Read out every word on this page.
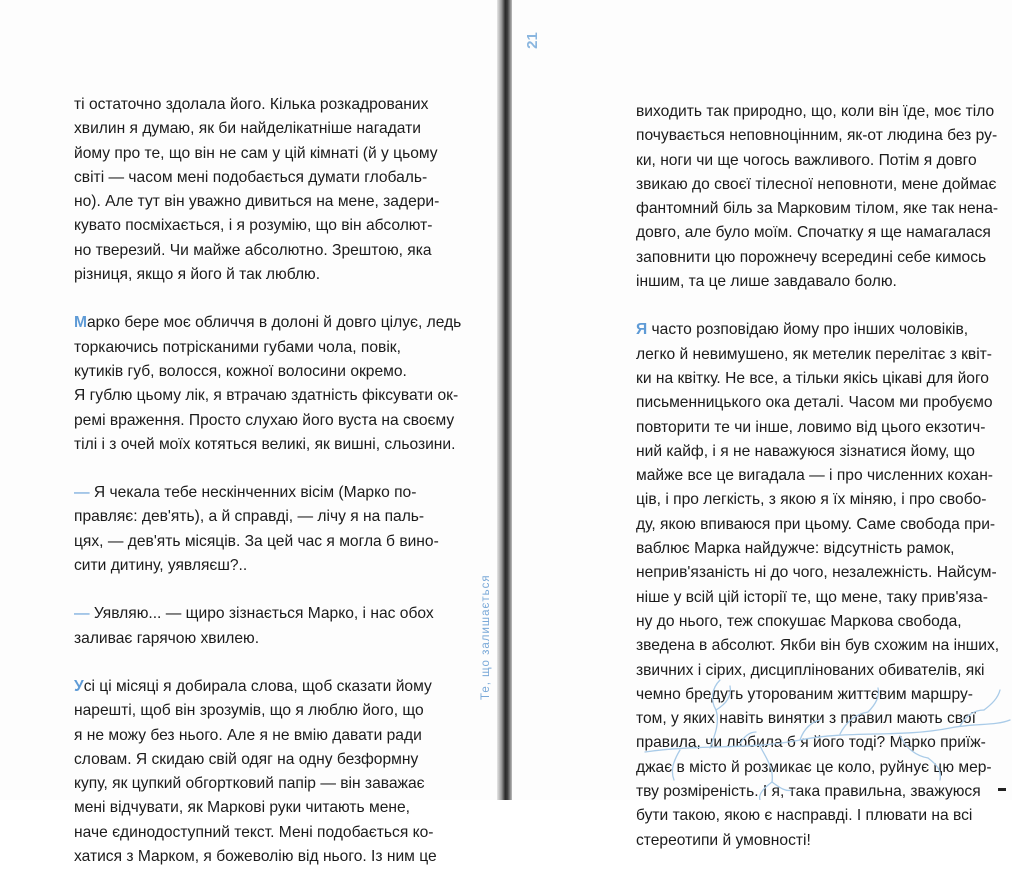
21
Те, що залишається
ті остаточно здолала його. Кілька розкадрованих
хвилин я думаю, як би найделікатніше нагадати
йому про те, що він не сам у цій кімнаті (й у цьому
світі — часом мені подобається думати глобаль-
но). Але тут він уважно дивиться на мене, задери-
кувато посміхається, і я розумію, що він абсолют-
но тверезий. Чи майже абсолютно. Зрештою, яка
різниця, якщо я його й так люблю.
Марко бере моє обличчя в долоні й довго цілує, ледь
торкаючись потрісканими губами чола, повік,
кутиків губ, волосся, кожної волосини окремо.
Я гублю цьому лік, я втрачаю здатність фіксувати ок-
ремі враження. Просто слухаю його вуста на своєму
тілі і з очей моїх котяться великі, як вишні, сльозини.
— Я чекала тебе нескінченних вісім (Марко по-
правляє: дев'ять), а й справді, — лічу я на паль-
цях, — дев'ять місяців. За цей час я могла б вино-
сити дитину, уявляєш?..
— Уявляю... — щиро зізнається Марко, і нас обох
заливає гарячою хвилею.
Усі ці місяці я добирала слова, щоб сказати йому
нарешті, щоб він зрозумів, що я люблю його, що
я не можу без нього. Але я не вмію давати ради
словам. Я скидаю свій одяг на одну безформну
купу, як цупкий обгортковий папір — він заважає
мені відчувати, як Маркові руки читають мене,
наче єдинодоступний текст. Мені подобається ко-
хатися з Марком, я божеволію від нього. Із ним це
виходить так природно, що, коли він їде, моє тіло
почувається неповноцінним, як-от людина без ру-
ки, ноги чи ще чогось важливого. Потім я довго
звикаю до своєї тілесної неповноти, мене доймає
фантомний біль за Марковим тілом, яке так нена-
довго, але було моїм. Спочатку я ще намагалася
заповнити цю порожнечу всередині себе кимось
іншим, та це лише завдавало болю.
Я часто розповідаю йому про інших чоловіків,
легко й невимушено, як метелик перелітає з квіт-
ки на квітку. Не все, а тільки якісь цікаві для його
письменницького ока деталі. Часом ми пробуємо
повторити те чи інше, ловимо від цього екзотич-
ний кайф, і я не наважуюся зізнатися йому, що
майже все це вигадала — і про численних кохан-
ців, і про легкість, з якою я їх міняю, і про свобо-
ду, якою впиваюся при цьому. Саме свобода при-
ваблює Марка найдужче: відсутність рамок,
неприв'язаність ні до чого, незалежність. Найсум-
ніше у всій цій історії те, що мене, таку прив'яза-
ну до нього, теж спокушає Маркова свобода,
зведена в абсолют. Якби він був схожим на інших,
звичних і сірих, дисциплінованих обивателів, які
чемно бредуть уторованим життєвим маршру-
том, у яких навіть винятки з правил мають свої
правила, чи любила б я його тоді? Марко приїж-
джає в місто й розмикає це коло, руйнує цю мер-
тву розміреність. І я, така правильна, зважуюся
бути такою, якою є насправді. І плювати на всі
стереотипи й умовності!
